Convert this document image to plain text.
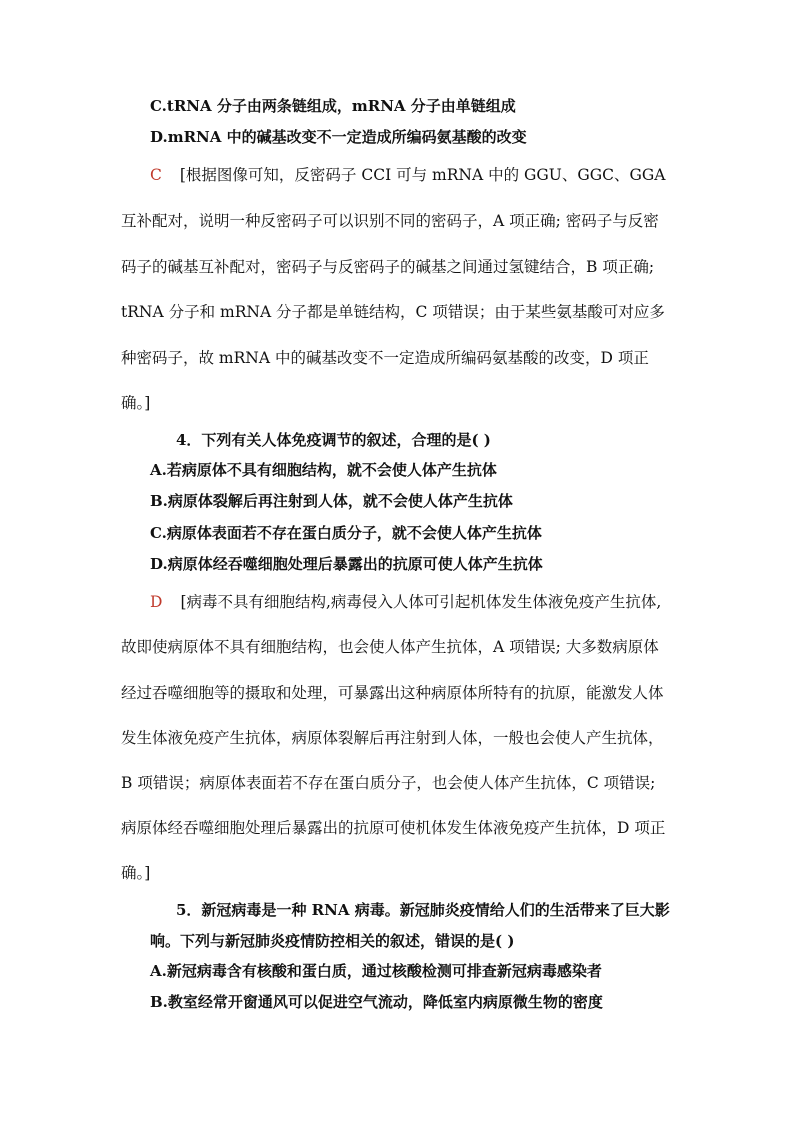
C.tRNA 分子由两条链组成，mRNA 分子由单链组成
D.mRNA 中的碱基改变不一定造成所编码氨基酸的改变
C [根据图像可知，反密码子 CCI 可与 mRNA 中的 GGU、GGC、GGA
互补配对，说明一种反密码子可以识别不同的密码子，A 项正确; 密码子与反密
码子的碱基互补配对，密码子与反密码子的碱基之间通过氢键结合，B 项正确;
tRNA 分子和 mRNA 分子都是单链结构，C 项错误；由于某些氨基酸可对应多
种密码子，故 mRNA 中的碱基改变不一定造成所编码氨基酸的改变，D 项正
确。]
4．下列有关人体免疫调节的叙述，合理的是( )
A.若病原体不具有细胞结构，就不会使人体产生抗体
B.病原体裂解后再注射到人体，就不会使人体产生抗体
C.病原体表面若不存在蛋白质分子，就不会使人体产生抗体
D.病原体经吞噬细胞处理后暴露出的抗原可使人体产生抗体
D [病毒不具有细胞结构,病毒侵入人体可引起机体发生体液免疫产生抗体,
故即使病原体不具有细胞结构，也会使人体产生抗体，A 项错误; 大多数病原体
经过吞噬细胞等的摄取和处理，可暴露出这种病原体所特有的抗原，能激发人体
发生体液免疫产生抗体，病原体裂解后再注射到人体，一般也会使人产生抗体，
B 项错误；病原体表面若不存在蛋白质分子，也会使人体产生抗体，C 项错误;
病原体经吞噬细胞处理后暴露出的抗原可使机体发生体液免疫产生抗体，D 项正
确。]
5．新冠病毒是一种 RNA 病毒。新冠肺炎疫情给人们的生活带来了巨大影
响。下列与新冠肺炎疫情防控相关的叙述，错误的是( )
A.新冠病毒含有核酸和蛋白质，通过核酸检测可排查新冠病毒感染者
B.教室经常开窗通风可以促进空气流动，降低室内病原微生物的密度
